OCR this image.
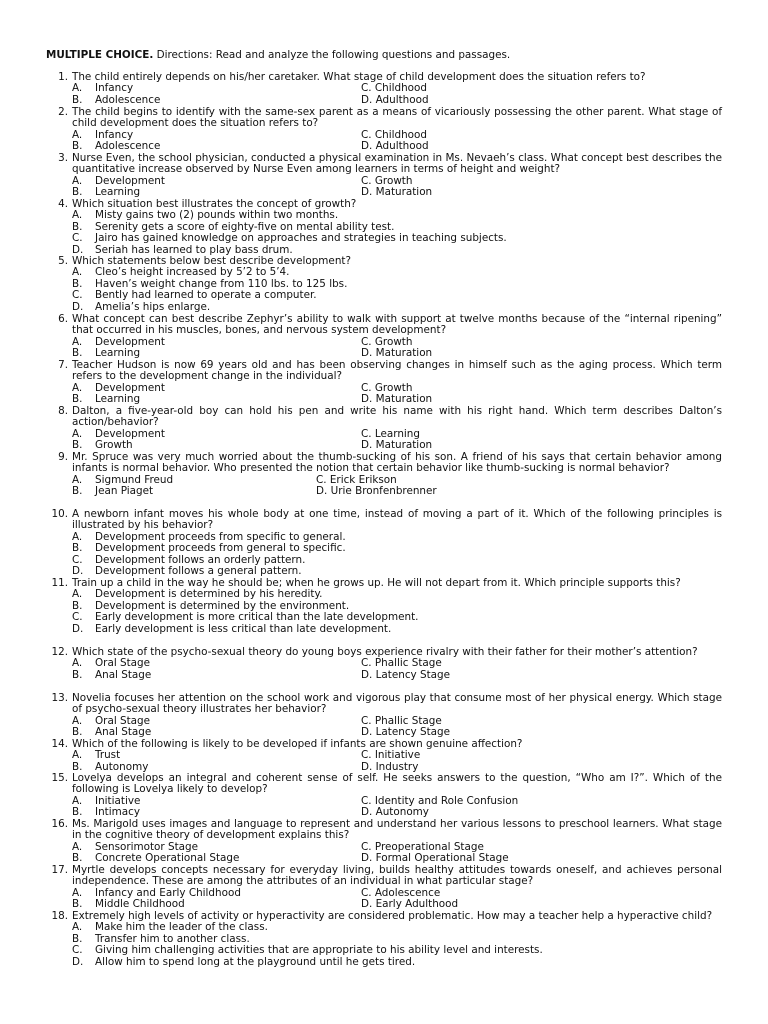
MULTIPLE CHOICE. Directions: Read and analyze the following questions and passages.
1. The child entirely depends on his/her caretaker. What stage of child development does the situation refers to?
A. Infancy	C. Childhood
B. Adolescence	D. Adulthood
2. The child begins to identify with the same-sex parent as a means of vicariously possessing the other parent. What stage of child development does the situation refers to?
A. Infancy	C. Childhood
B. Adolescence	D. Adulthood
3. Nurse Even, the school physician, conducted a physical examination in Ms. Nevaeh’s class. What concept best describes the quantitative increase observed by Nurse Even among learners in terms of height and weight?
A. Development	C. Growth
B. Learning	D. Maturation
4. Which situation best illustrates the concept of growth?
A. Misty gains two (2) pounds within two months.
B. Serenity gets a score of eighty-five on mental ability test.
C. Jairo has gained knowledge on approaches and strategies in teaching subjects.
D. Seriah has learned to play bass drum.
5. Which statements below best describe development?
A. Cleo’s height increased by 5’2 to 5’4.
B. Haven’s weight change from 110 lbs. to 125 lbs.
C. Bently had learned to operate a computer.
D. Amelia’s hips enlarge.
6. What concept can best describe Zephyr’s ability to walk with support at twelve months because of the “internal ripening” that occurred in his muscles, bones, and nervous system development?
A. Development	C. Growth
B. Learning	D. Maturation
7. Teacher Hudson is now 69 years old and has been observing changes in himself such as the aging process. Which term refers to the development change in the individual?
A. Development	C. Growth
B. Learning	D. Maturation
8. Dalton, a five-year-old boy can hold his pen and write his name with his right hand. Which term describes Dalton’s action/behavior?
A. Development	C. Learning
B. Growth	D. Maturation
9. Mr. Spruce was very much worried about the thumb-sucking of his son. A friend of his says that certain behavior among infants is normal behavior. Who presented the notion that certain behavior like thumb-sucking is normal behavior?
A. Sigmund Freud	C. Erick Erikson
B. Jean Piaget	D. Urie Bronfenbrenner
10. A newborn infant moves his whole body at one time, instead of moving a part of it. Which of the following principles is illustrated by his behavior?
A. Development proceeds from specific to general.
B. Development proceeds from general to specific.
C. Development follows an orderly pattern.
D. Development follows a general pattern.
11. Train up a child in the way he should be; when he grows up. He will not depart from it. Which principle supports this?
A. Development is determined by his heredity.
B. Development is determined by the environment.
C. Early development is more critical than the late development.
D. Early development is less critical than late development.
12. Which state of the psycho-sexual theory do young boys experience rivalry with their father for their mother’s attention?
A. Oral Stage	C. Phallic Stage
B. Anal Stage	D. Latency Stage
13. Novelia focuses her attention on the school work and vigorous play that consume most of her physical energy. Which stage of psycho-sexual theory illustrates her behavior?
A. Oral Stage	C. Phallic Stage
B. Anal Stage	D. Latency Stage
14. Which of the following is likely to be developed if infants are shown genuine affection?
A. Trust	C. Initiative
B. Autonomy	D. Industry
15. Lovelya develops an integral and coherent sense of self. He seeks answers to the question, “Who am I?”. Which of the following is Lovelya likely to develop?
A. Initiative	C. Identity and Role Confusion
B. Intimacy	D. Autonomy
16. Ms. Marigold uses images and language to represent and understand her various lessons to preschool learners. What stage in the cognitive theory of development explains this?
A. Sensorimotor Stage	C. Preoperational Stage
B. Concrete Operational Stage	D. Formal Operational Stage
17. Myrtle develops concepts necessary for everyday living, builds healthy attitudes towards oneself, and achieves personal independence. These are among the attributes of an individual in what particular stage?
A. Infancy and Early Childhood	C. Adolescence
B. Middle Childhood	D. Early Adulthood
18. Extremely high levels of activity or hyperactivity are considered problematic. How may a teacher help a hyperactive child?
A. Make him the leader of the class.
B. Transfer him to another class.
C. Giving him challenging activities that are appropriate to his ability level and interests.
D. Allow him to spend long at the playground until he gets tired.
